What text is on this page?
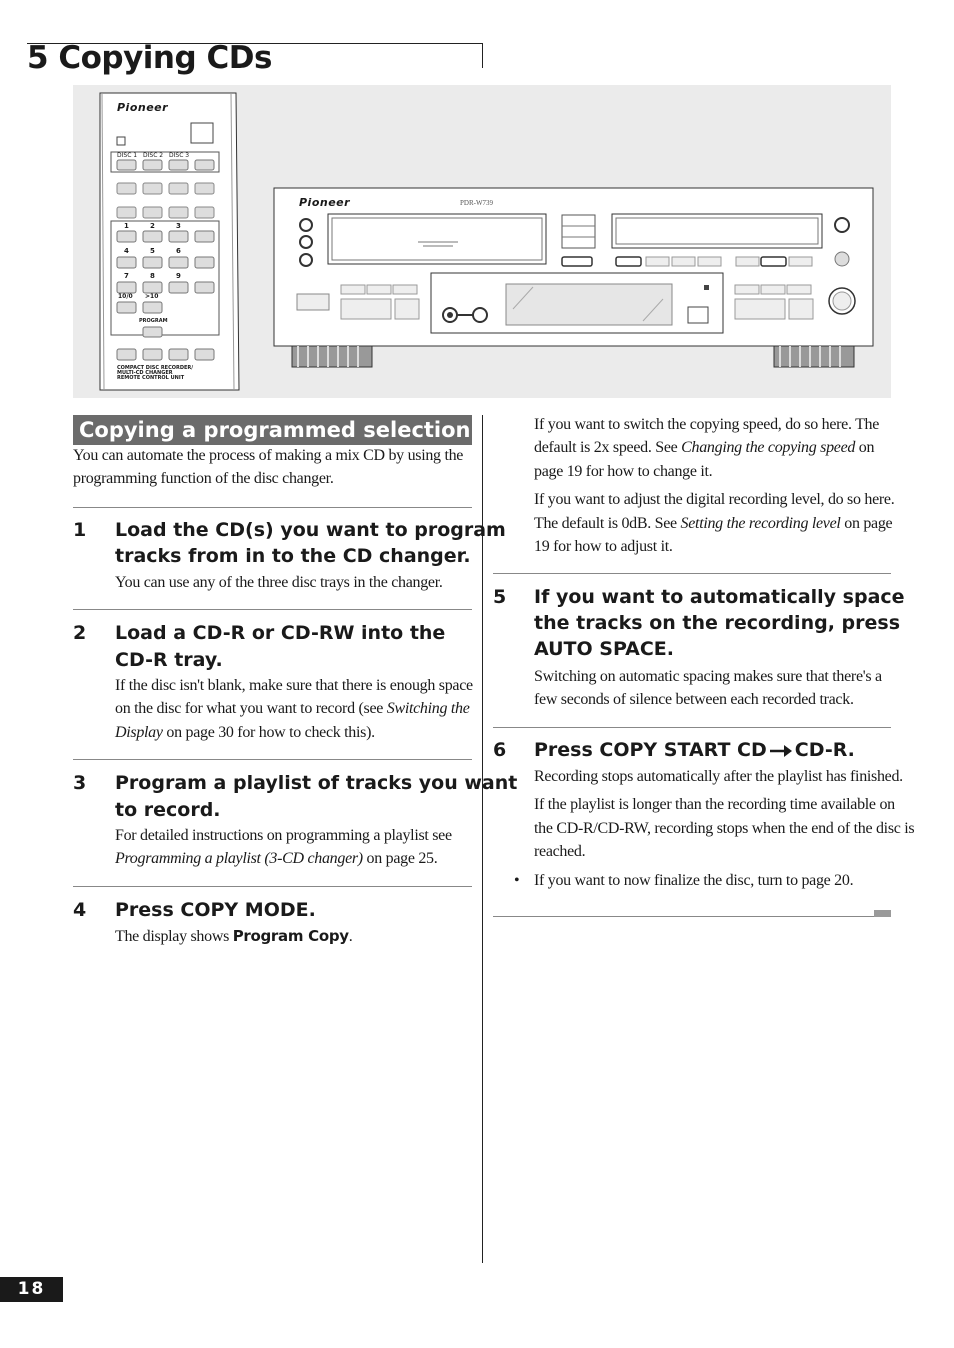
5 Copying CDs
Pioneer
DISC 1 DISC 2 DISC 3
1	2	3
4	5	6
7	8	9
10/0 >10
PROGRAM
COMPACT DISC RECORDER/
MULTI-CD CHANGER
REMOTE CONTROL UNIT
Pioneer	PDR-W739
Copying a programmed selection
You can automate the process of making a mix CD by using the
programming function of the disc changer.
1 Load the CD(s) you want to program
tracks from in to the CD changer.
You can use any of the three disc trays in the changer.
2 Load a CD-R or CD-RW into the
CD-R tray.
If the disc isn't blank, make sure that there is enough space
on the disc for what you want to record (see Switching the
Display on page 30 for how to check this).
3 Program a playlist of tracks you want
to record.
For detailed instructions on programming a playlist see
Programming a playlist (3-CD changer) on page 25.
4 Press COPY MODE.
The display shows Program Copy.
If you want to switch the copying speed, do so here. The
default is 2x speed. See Changing the copying speed on
page 19 for how to change it.
If you want to adjust the digital recording level, do so here.
The default is 0dB. See Setting the recording level on page
19 for how to adjust it.
5 If you want to automatically space
the tracks on the recording, press
AUTO SPACE.
Switching on automatic spacing makes sure that there's a
few seconds of silence between each recorded track.
6 Press COPY START CD CD-R.
Recording stops automatically after the playlist has finished.
If the playlist is longer than the recording time available on
the CD-R/CD-RW, recording stops when the end of the disc is
reached.
• If you want to now finalize the disc, turn to page 20.
18
